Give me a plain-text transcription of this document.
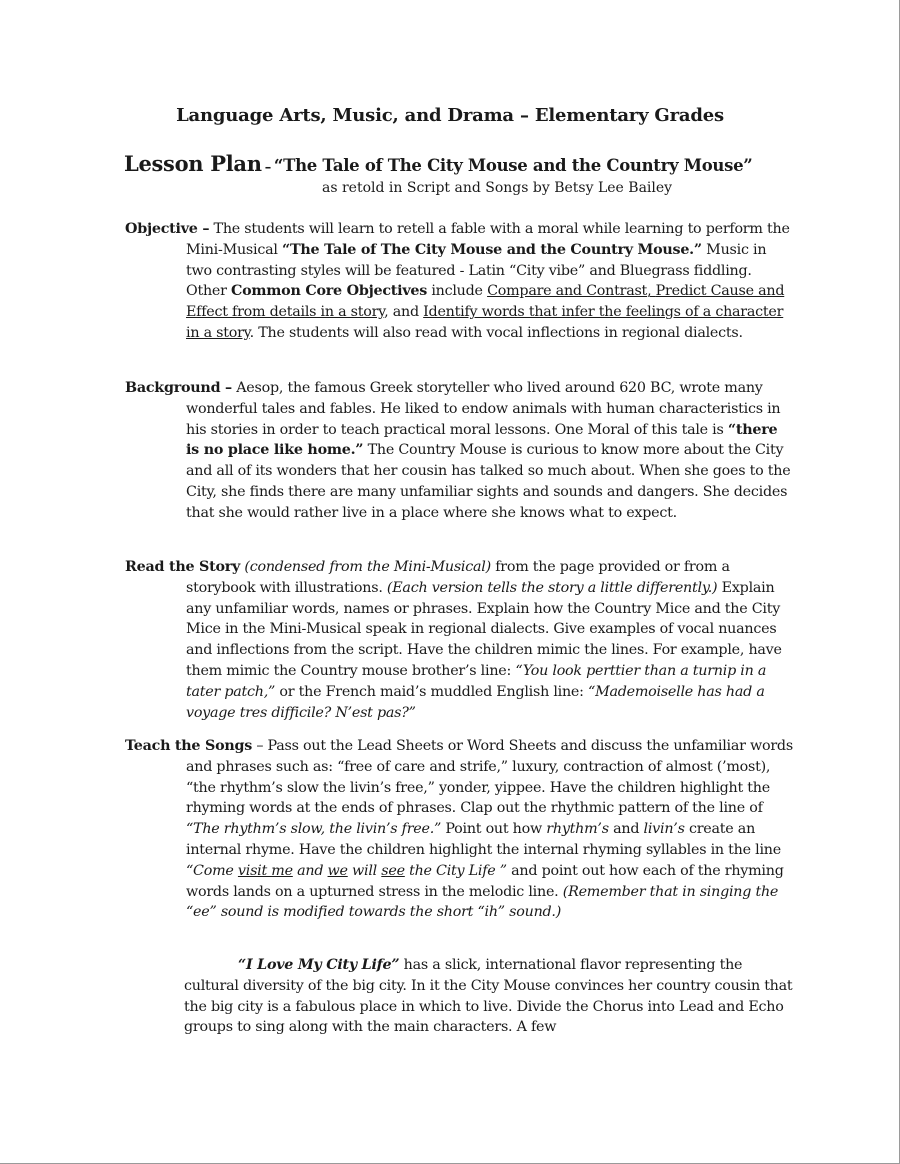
Language Arts, Music, and Drama – Elementary Grades
Lesson Plan – “The Tale of The City Mouse and the Country Mouse”

as retold in Script and Songs by Betsy Lee Bailey

Objective – The students will learn to retell a fable with a moral while learning to perform the Mini-Musical “The Tale of The City Mouse and the Country Mouse.” Music in two contrasting styles will be featured - Latin “City vibe” and Bluegrass fiddling. Other Common Core Objectives include Compare and Contrast, Predict Cause and Effect from details in a story, and Identify words that infer the feelings of a character in a story. The students will also read with vocal inflections in regional dialects.

Background – Aesop, the famous Greek storyteller who lived around 620 BC, wrote many wonderful tales and fables. He liked to endow animals with human characteristics in his stories in order to teach practical moral lessons. One Moral of this tale is “there is no place like home.” The Country Mouse is curious to know more about the City and all of its wonders that her cousin has talked so much about. When she goes to the City, she finds there are many unfamiliar sights and sounds and dangers. She decides that she would rather live in a place where she knows what to expect.

Read the Story (condensed from the Mini-Musical) from the page provided or from a storybook with illustrations. (Each version tells the story a little differently.) Explain any unfamiliar words, names or phrases. Explain how the Country Mice and the City Mice in the Mini-Musical speak in regional dialects. Give examples of vocal nuances and inflections from the script. Have the children mimic the lines. For example, have them mimic the Country mouse brother’s line: “You look perttier than a turnip in a tater patch,” or the French maid’s muddled English line: “Mademoiselle has had a voyage tres difficile? N’est pas?”

Teach the Songs – Pass out the Lead Sheets or Word Sheets and discuss the unfamiliar words and phrases such as: “free of care and strife,” luxury, contraction of almost (’most), “the rhythm’s slow the livin’s free,” yonder, yippee. Have the children highlight the rhyming words at the ends of phrases. Clap out the rhythmic pattern of the line of “The rhythm’s slow, the livin’s free.” Point out how rhythm’s and livin’s create an internal rhyme. Have the children highlight the internal rhyming syllables in the line “Come visit me and we will see the City Life ” and point out how each of the rhyming words lands on a upturned stress in the melodic line. (Remember that in singing the “ee” sound is modified towards the short “ih” sound.)

“I Love My City Life” has a slick, international flavor representing the cultural diversity of the big city. In it the City Mouse convinces her country cousin that the big city is a fabulous place in which to live. Divide the Chorus into Lead and Echo groups to sing along with the main characters. A few
